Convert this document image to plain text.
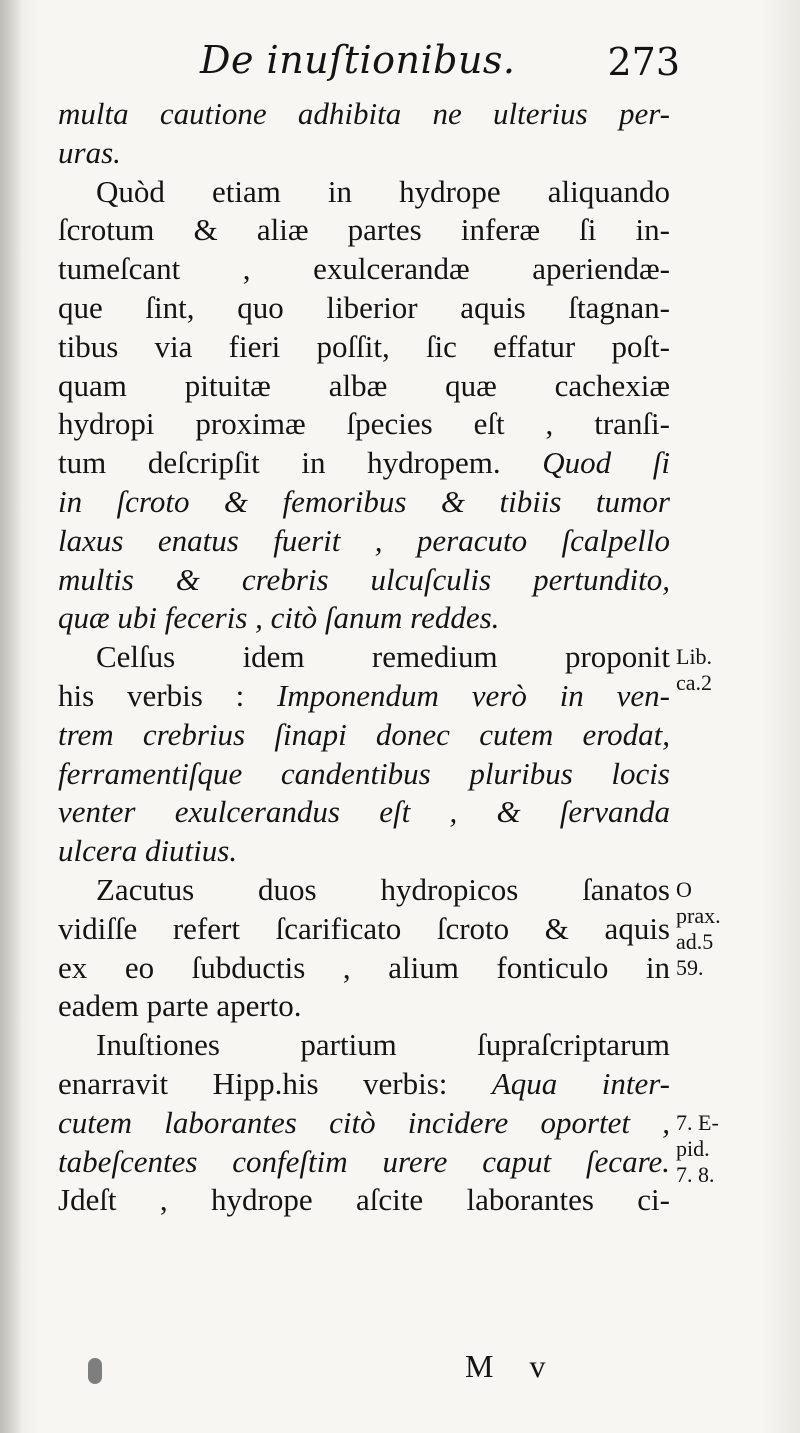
De inuſtionibus. 273
multa cautione adhibita ne ulterius per-
uras.
Quòd etiam in hydrope aliquando
ſcrotum & aliæ partes inferæ ſi in-
tumeſcant , exulcerandæ aperiendæ-
que ſint, quo liberior aquis ſtagnan-
tibus via fieri poſſit, ſic effatur poſt-
quam pituitæ albæ quæ cachexiæ
hydropi proximæ ſpecies eſt , tranſi-
tum deſcripſit in hydropem. Quod ſi
in ſcroto & femoribus & tibiis tumor
laxus enatus fuerit , peracuto ſcalpello
multis & crebris ulcuſculis pertundito,
quæ ubi feceris , citò ſanum reddes.
Celſus idem remedium proponit
his verbis : Imponendum verò in ven-
trem crebrius ſinapi donec cutem erodat,
ferramentiſque candentibus pluribus locis
venter exulcerandus eſt , & ſervanda
ulcera diutius.
Zacutus duos hydropicos ſanatos
vidiſſe refert ſcarificato ſcroto & aquis
ex eo ſubductis , alium fonticulo in
eadem parte aperto.
Inuſtiones partium ſupraſcriptarum
enarravit Hipp.his verbis: Aqua inter-
cutem laborantes citò incidere oportet ,
tabeſcentes confeſtim urere caput ſecare.
Jdeſt , hydrope aſcite laborantes ci-
Lib.
ca.2
O
prax.
ad.5
59.
7. E-
pid.
7. 8.
M v
